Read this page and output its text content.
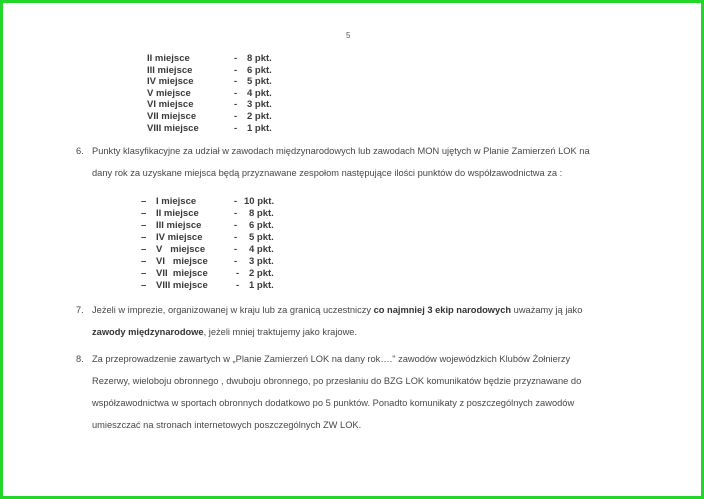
5
II miejsce	- 8 pkt.
III miejsce	- 6 pkt.
IV miejsce	- 5 pkt.
V miejsce	- 4 pkt.
VI miejsce	- 3 pkt.
VII miejsce	- 2 pkt.
VIII miejsce	- 1 pkt.
6. Punkty klasyfikacyjne za udział w zawodach międzynarodowych lub zawodach MON ujętych w Planie Zamierzeń LOK na
dany rok za uzyskane miejsca będą przyznawane zespołom następujące ilości punktów do współzawodnictwa za :
– I miejsce	- 10 pkt.
– II miejsce	- 8 pkt.
– III miejsce	- 6 pkt.
– IV miejsce	- 5 pkt.
– V   miejsce	- 4 pkt.
– VI   miejsce	- 3 pkt.
– VII  miejsce	- 2 pkt.
– VIII miejsce	- 1 pkt.
7. Jeżeli w imprezie, organizowanej w kraju lub za granicą uczestniczy co najmniej 3 ekip narodowych uważamy ją jako
zawody międzynarodowe, jeżeli mniej traktujemy jako krajowe.
8. Za przeprowadzenie zawartych w „Planie Zamierzeń LOK na dany rok…." zawodów wojewódzkich Klubów Żołnierzy
Rezerwy, wieloboju obronnego , dwuboju obronnego, po przesłaniu do BZG LOK komunikatów będzie przyznawane do
współzawodnictwa w sportach obronnych dodatkowo po 5 punktów. Ponadto komunikaty z poszczególnych zawodów
umieszczać na stronach internetowych poszczególnych ZW LOK.
